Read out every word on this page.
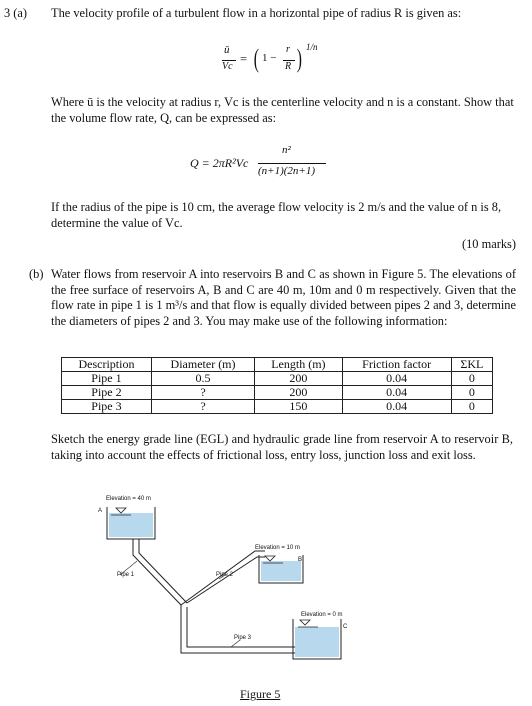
3 (a) The velocity profile of a turbulent flow in a horizontal pipe of radius R is given as:
ū
Vc
= ( 1 −
r
R ) 1/n
Where ū is the velocity at radius r, Vc is the centerline velocity and n is a constant. Show that the volume flow rate, Q, can be expressed as:
Q = 2πR²Vc
n²
(n+1)(2n+1)
If the radius of the pipe is 10 cm, the average flow velocity is 2 m/s and the value of n is 8, determine the value of Vc.
(10 marks)
(b) Water flows from reservoir A into reservoirs B and C as shown in Figure 5. The elevations of the free surface of reservoirs A, B and C are 40 m, 10m and 0 m respectively. Given that the flow rate in pipe 1 is 1 m³/s and that flow is equally divided between pipes 2 and 3, determine the diameters of pipes 2 and 3. You may make use of the following information:
Description	Diameter (m)	Length (m)	Friction factor	ΣKL
Pipe 1	0.5	200	0.04	0
Pipe 2	?	200	0.04	0
Pipe 3	?	150	0.04	0
Sketch the energy grade line (EGL) and hydraulic grade line from reservoir A to reservoir B, taking into account the effects of frictional loss, entry loss, junction loss and exit loss.
Elevation = 40 m
A
Elevation = 10 m
B
Elevation = 0 m
C
Pipe 1	Pipe 2
Pipe 3
Figure 5
